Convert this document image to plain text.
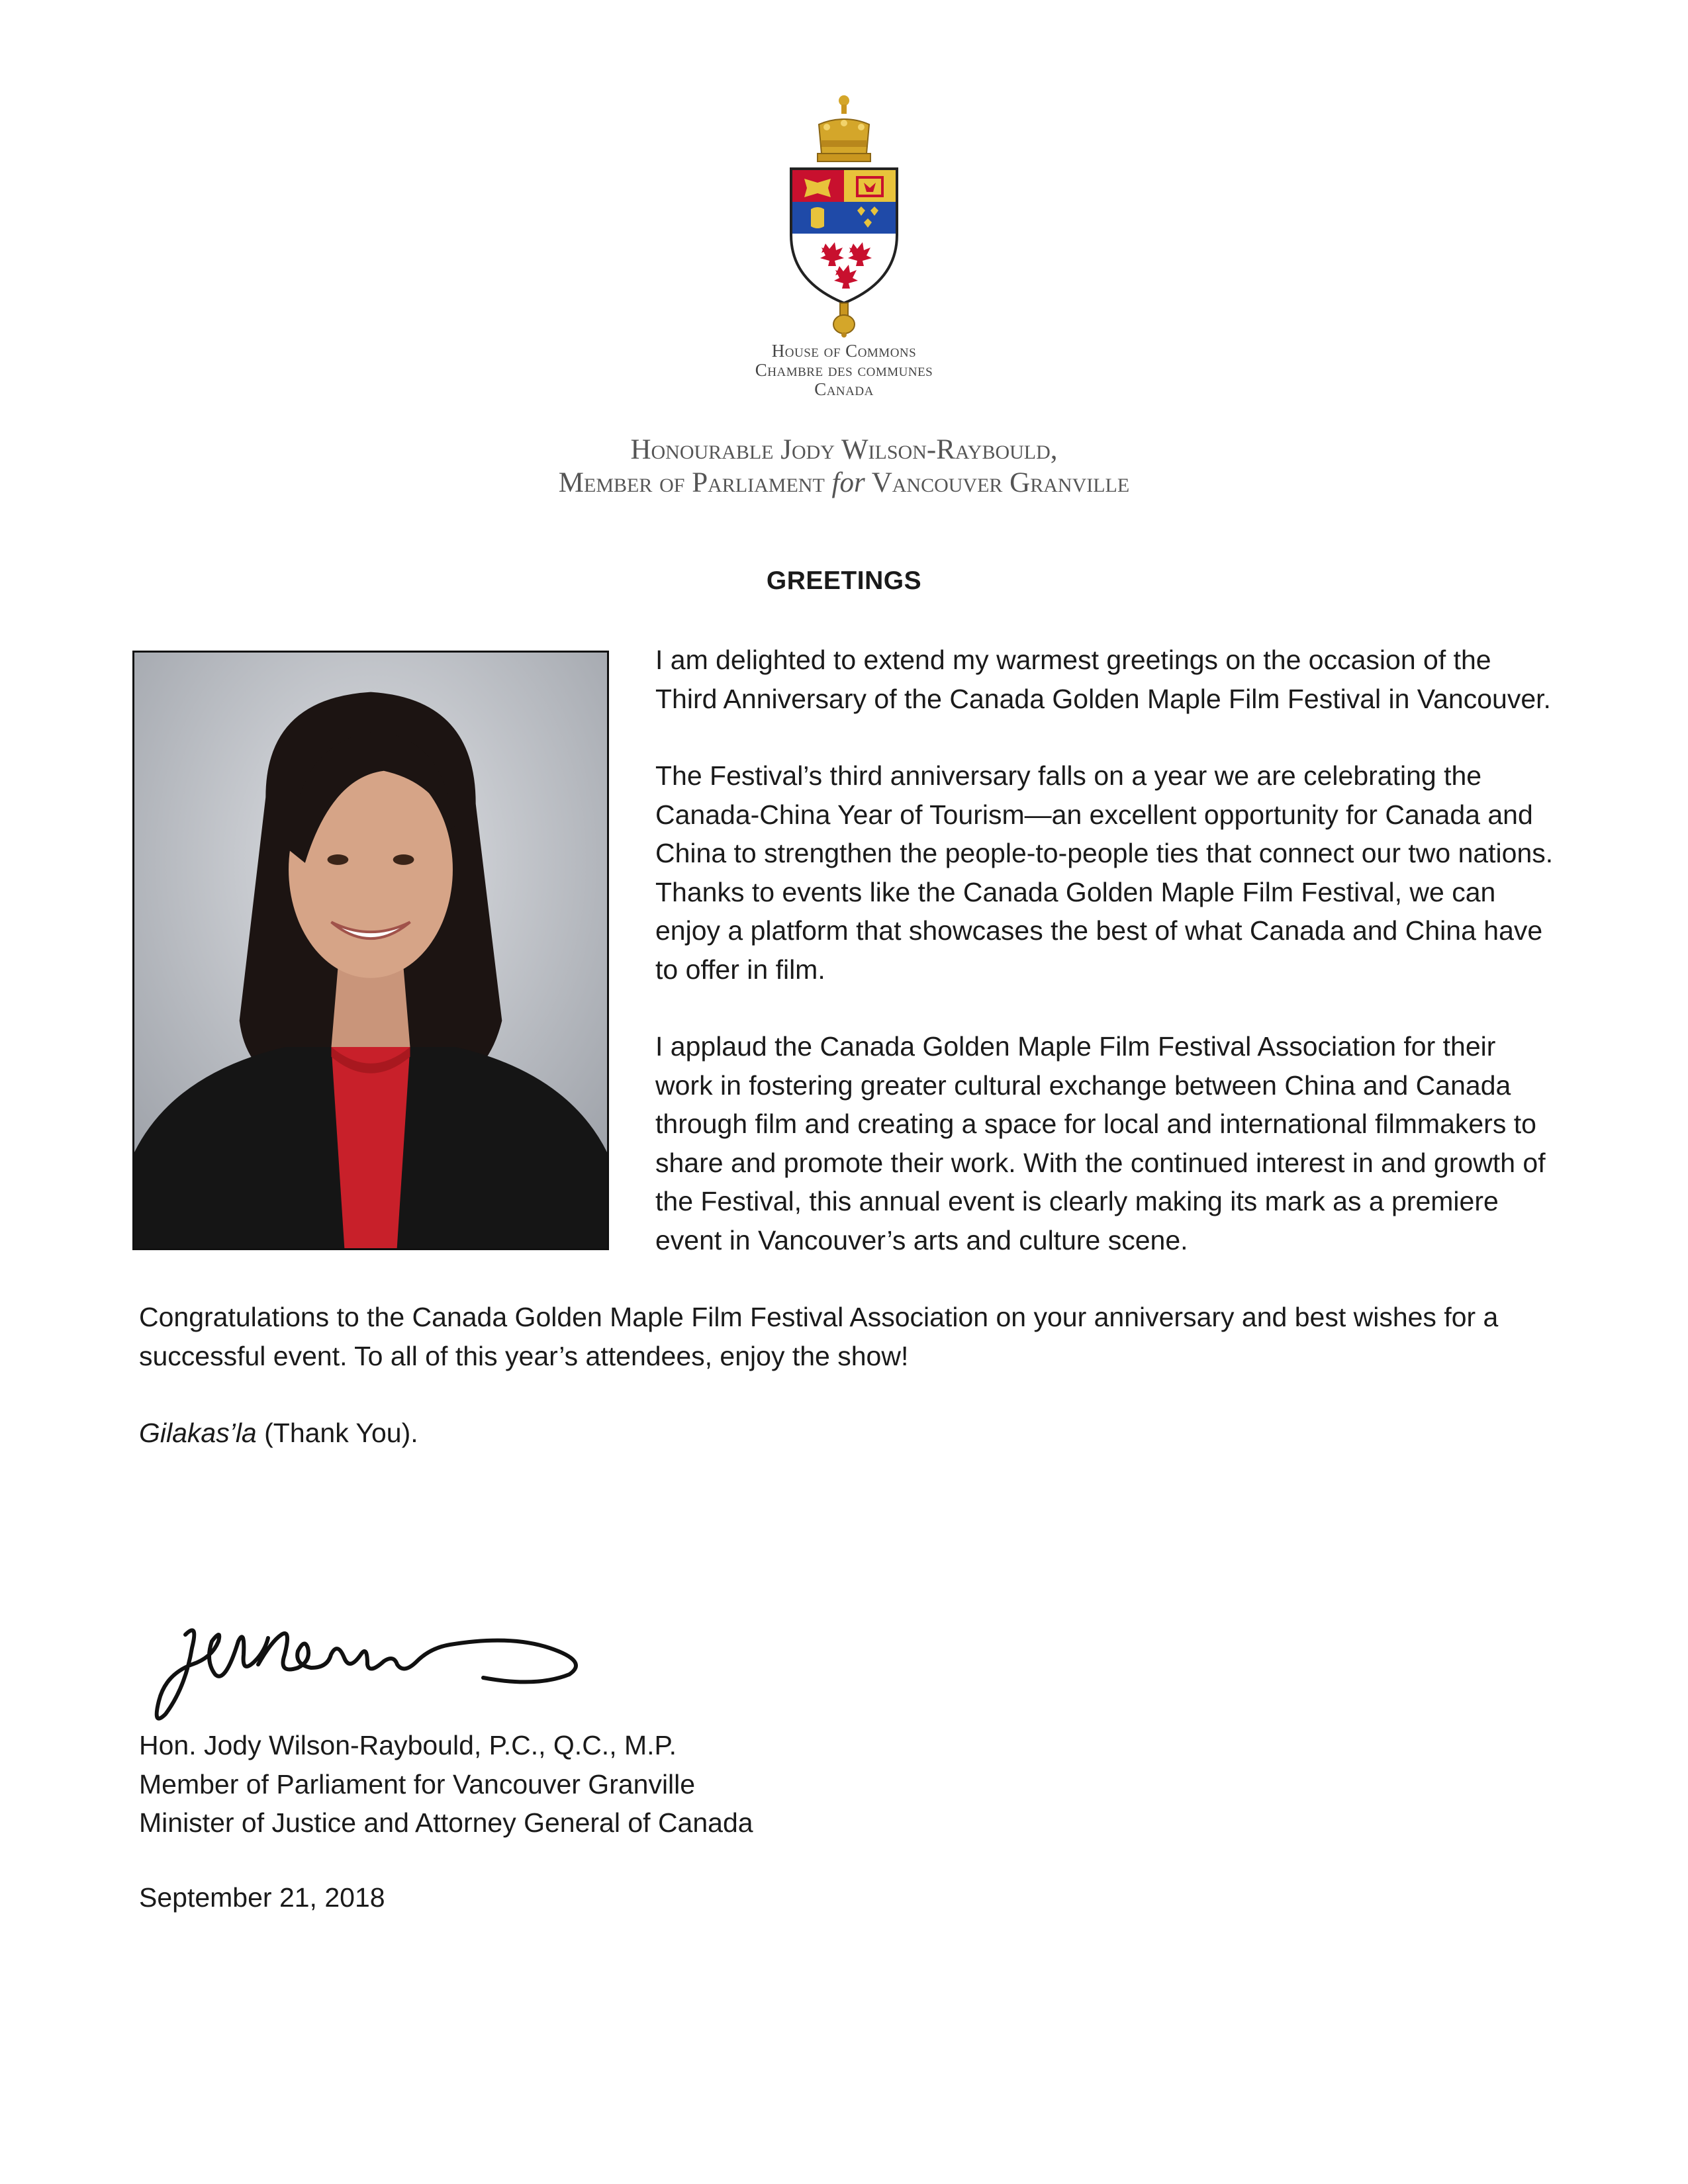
House of Commons
Chambre des communes
Canada
Honourable Jody Wilson-Raybould,
Member of Parliament for Vancouver Granville
GREETINGS

I am delighted to extend my warmest greetings on the occasion of the Third Anniversary of the Canada Golden Maple Film Festival in Vancouver.

The Festival’s third anniversary falls on a year we are celebrating the Canada-China Year of Tourism—an excellent opportunity for Canada and China to strengthen the people-to-people ties that connect our two nations. Thanks to events like the Canada Golden Maple Film Festival, we can enjoy a platform that showcases the best of what Canada and China have to offer in film.

I applaud the Canada Golden Maple Film Festival Association for their work in fostering greater cultural exchange between China and Canada through film and creating a space for local and international filmmakers to share and promote their work. With the continued interest in and growth of the Festival, this annual event is clearly making its mark as a premiere event in Vancouver’s arts and culture scene.

Congratulations to the Canada Golden Maple Film Festival Association on your anniversary and best wishes for a successful event. To all of this year’s attendees, enjoy the show!

Gilakas’la (Thank You).

Hon. Jody Wilson-Raybould, P.C., Q.C., M.P.
Member of Parliament for Vancouver Granville
Minister of Justice and Attorney General of Canada
September 21, 2018
